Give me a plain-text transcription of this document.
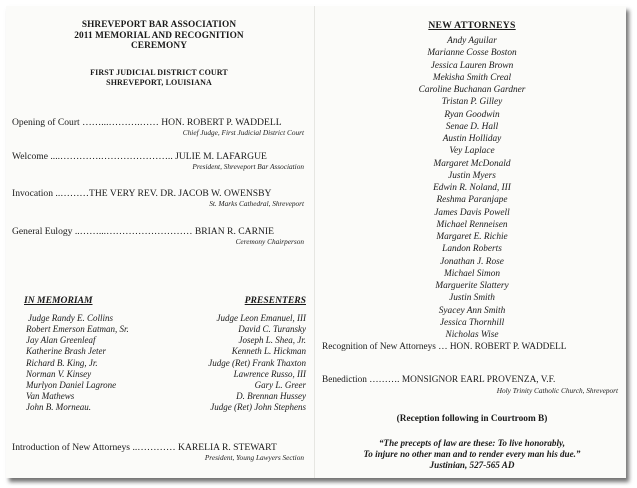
SHREVEPORT BAR ASSOCIATION
2011 MEMORIAL AND RECOGNITION
CEREMONY
FIRST JUDICIAL DISTRICT COURT
SHREVEPORT, LOUISIANA
Opening of Court ……...……….…… HON. ROBERT P. WADDELL
Chief Judge, First Judicial District Court
Welcome ....………….………………….. JULIE M. LAFARGUE
President, Shreveport Bar Association
Invocation ..………THE VERY REV. DR. JACOB W. OWENSBY
St. Marks Cathedral, Shreveport
General Eulogy ..……...……………………… BRIAN R. CARNIE
Ceremony Chairperson
IN MEMORIAM	PRESENTERS
Judge Randy E. Collins
Robert Emerson Eatman, Sr.
Jay Alan Greenleaf
Katherine Brash Jeter
Richard B. King, Jr.
Norman V. Kinsey
Murlyon Daniel Lagrone
Van Mathews
John B. Morneau.
Judge Leon Emanuel, III
David C. Turansky
Joseph L. Shea, Jr.
Kenneth L. Hickman
Judge (Ret) Frank Thaxton
Lawrence Russo, III
Gary L. Greer
D. Brennan Hussey
Judge (Ret) John Stephens
Introduction of New Attorneys ..………… KARELIA R. STEWART
President, Young Lawyers Section
NEW ATTORNEYS
Andy Aguilar
Marianne Cosse Boston
Jessica Lauren Brown
Mekisha Smith Creal
Caroline Buchanan Gardner
Tristan P. Gilley
Ryan Goodwin
Senae D. Hall
Austin Holliday
Vey Laplace
Margaret McDonald
Justin Myers
Edwin R. Noland, III
Reshma Paranjape
James Davis Powell
Michael Renneisen
Margaret E. Richie
Landon Roberts
Jonathan J. Rose
Michael Simon
Marguerite Slattery
Justin Smith
Syacey Ann Smith
Jessica Thornhill
Nicholas Wise
Recognition of New Attorneys … HON. ROBERT P. WADDELL
Benediction ………. MONSIGNOR EARL PROVENZA, V.F.
Holy Trinity Catholic Church, Shreveport
(Reception following in Courtroom B)
“The precepts of law are these: To live honorably,
To injure no other man and to render every man his due.”
Justinian, 527-565 AD
